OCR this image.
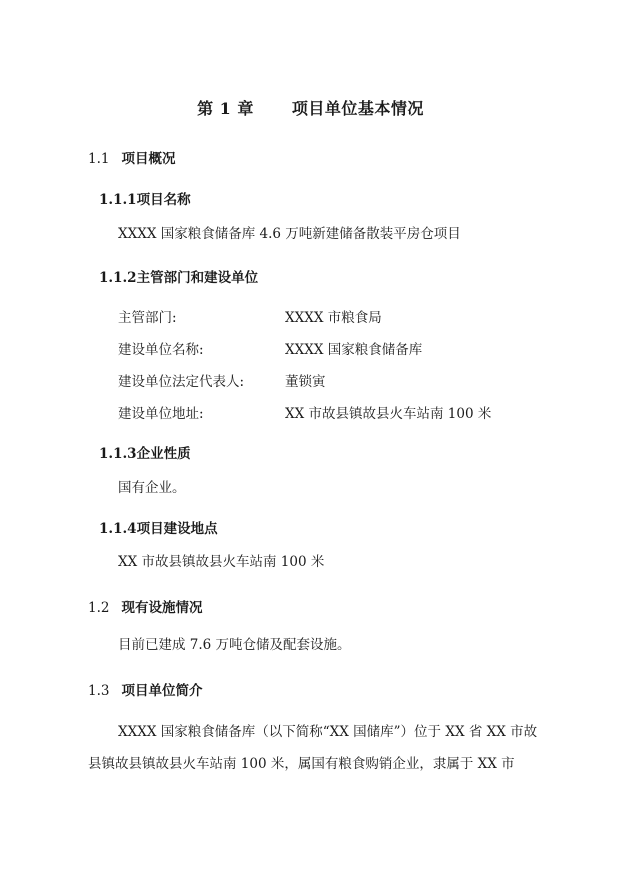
第 1 章 项目单位基本情况
1.1 项目概况
1.1.1项目名称
XXXX 国家粮食储备库 4.6 万吨新建储备散装平房仓项目
1.1.2主管部门和建设单位
主管部门:	XXXX 市粮食局
建设单位名称:	XXXX 国家粮食储备库
建设单位法定代表人:	董锁寅
建设单位地址:	XX 市故县镇故县火车站南 100 米
1.1.3企业性质
国有企业。
1.1.4项目建设地点
XX 市故县镇故县火车站南 100 米
1.2 现有设施情况
目前已建成 7.6 万吨仓储及配套设施。
1.3 项目单位简介
XXXX 国家粮食储备库（以下简称“XX 国储库”）位于 XX 省 XX 市故
县镇故县镇故县火车站南 100 米，属国有粮食购销企业，隶属于 XX 市
